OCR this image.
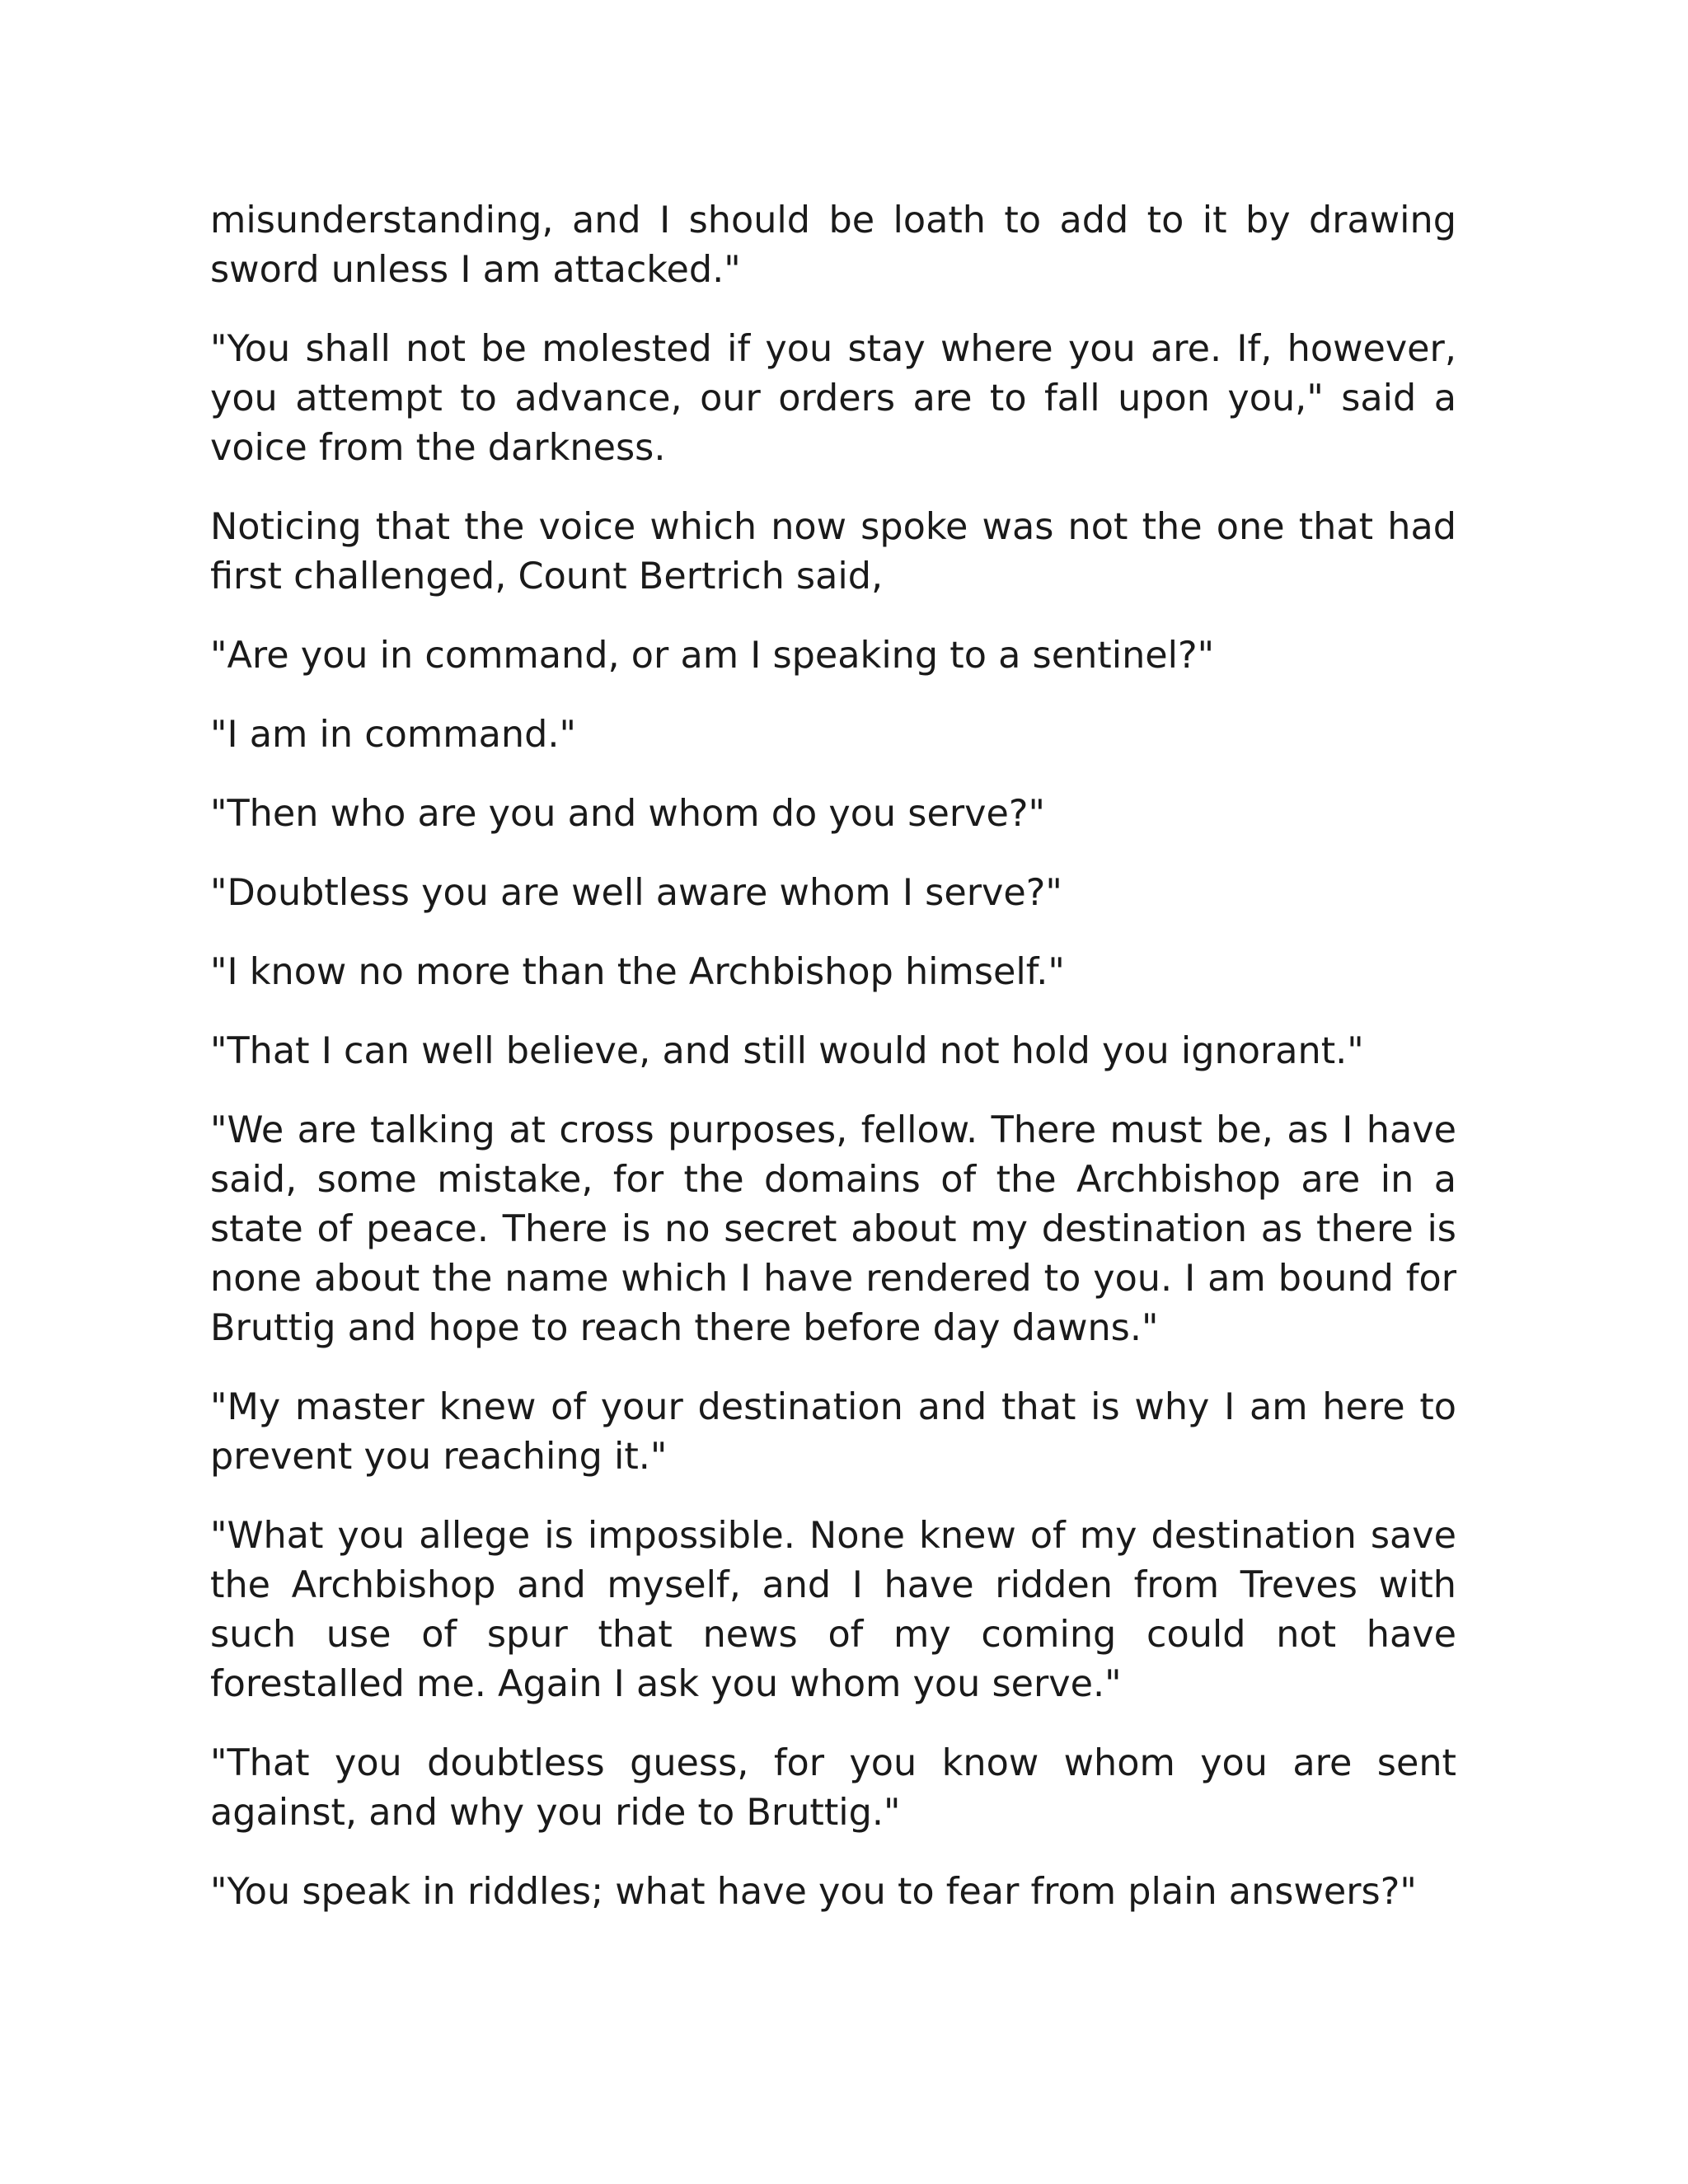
misunderstanding, and I should be loath to add to it by drawing sword unless I am attacked."

"You shall not be molested if you stay where you are. If, however, you attempt to advance, our orders are to fall upon you," said a voice from the darkness.

Noticing that the voice which now spoke was not the one that had first challenged, Count Bertrich said,

"Are you in command, or am I speaking to a sentinel?"

"I am in command."

"Then who are you and whom do you serve?"

"Doubtless you are well aware whom I serve?"

"I know no more than the Archbishop himself."

"That I can well believe, and still would not hold you ignorant."

"We are talking at cross purposes, fellow. There must be, as I have said, some mistake, for the domains of the Archbishop are in a state of peace. There is no secret about my destination as there is none about the name which I have rendered to you. I am bound for Bruttig and hope to reach there before day dawns."

"My master knew of your destination and that is why I am here to prevent you reaching it."

"What you allege is impossible. None knew of my destination save the Archbishop and myself, and I have ridden from Treves with such use of spur that news of my coming could not have forestalled me. Again I ask you whom you serve."

"That you doubtless guess, for you know whom you are sent against, and why you ride to Bruttig."

"You speak in riddles; what have you to fear from plain answers?"
